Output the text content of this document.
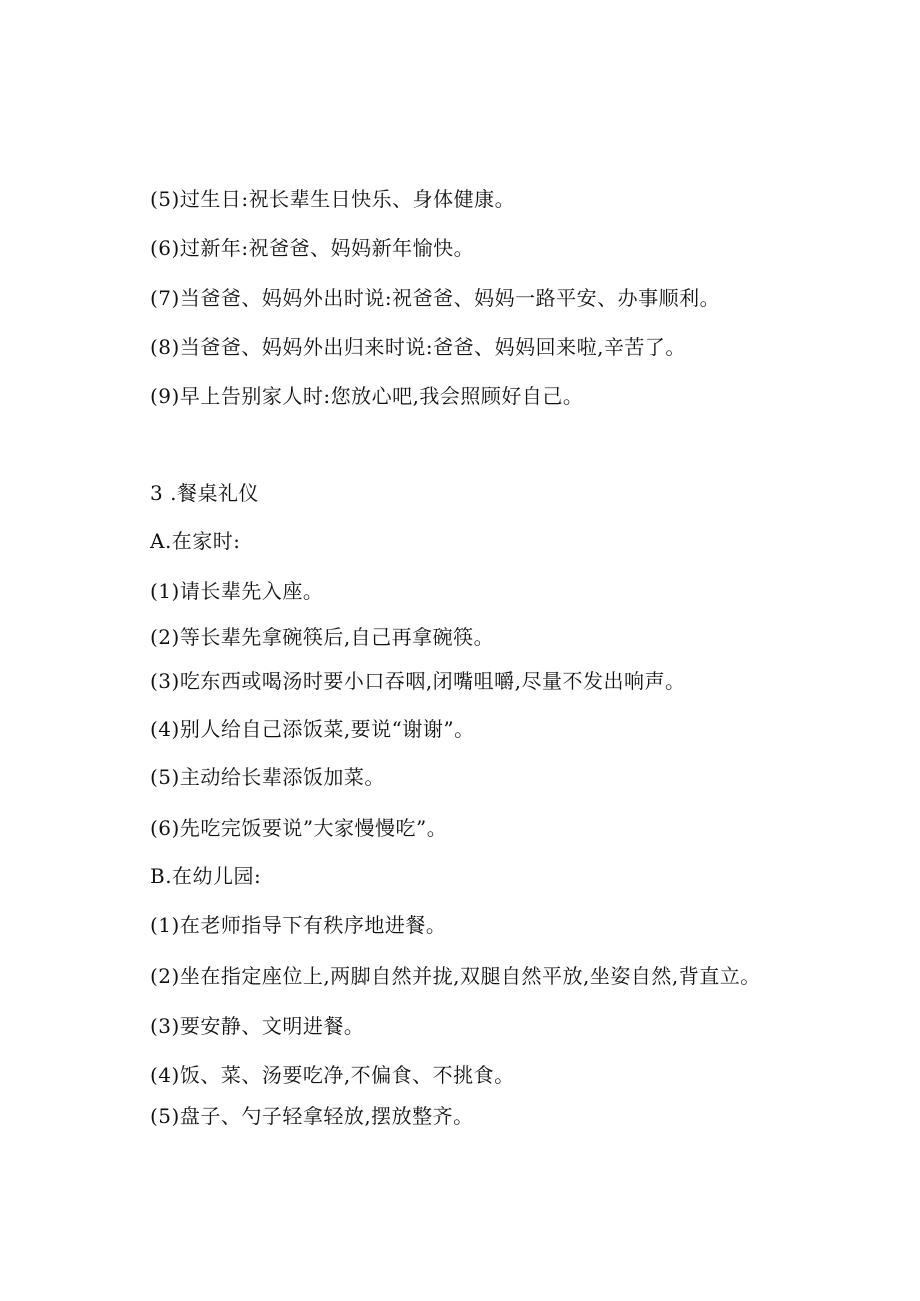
(5)过生日:祝长辈生日快乐、身体健康。
(6)过新年:祝爸爸、妈妈新年愉快。
(7)当爸爸、妈妈外出时说:祝爸爸、妈妈一路平安、办事顺利。
(8)当爸爸、妈妈外出归来时说:爸爸、妈妈回来啦,辛苦了。
(9)早上告别家人时:您放心吧,我会照顾好自己。
3 .餐桌礼仪
A.在家时:
(1)请长辈先入座。
(2)等长辈先拿碗筷后,自己再拿碗筷。
(3)吃东西或喝汤时要小口吞咽,闭嘴咀嚼,尽量不发出响声。
(4)别人给自己添饭菜,要说“谢谢”。
(5)主动给长辈添饭加菜。
(6)先吃完饭要说”大家慢慢吃”。
B.在幼儿园:
(1)在老师指导下有秩序地进餐。
(2)坐在指定座位上,两脚自然并拢,双腿自然平放,坐姿自然,背直立。
(3)要安静、文明进餐。
(4)饭、菜、汤要吃净,不偏食、不挑食。
(5)盘子、勺子轻拿轻放,摆放整齐。
